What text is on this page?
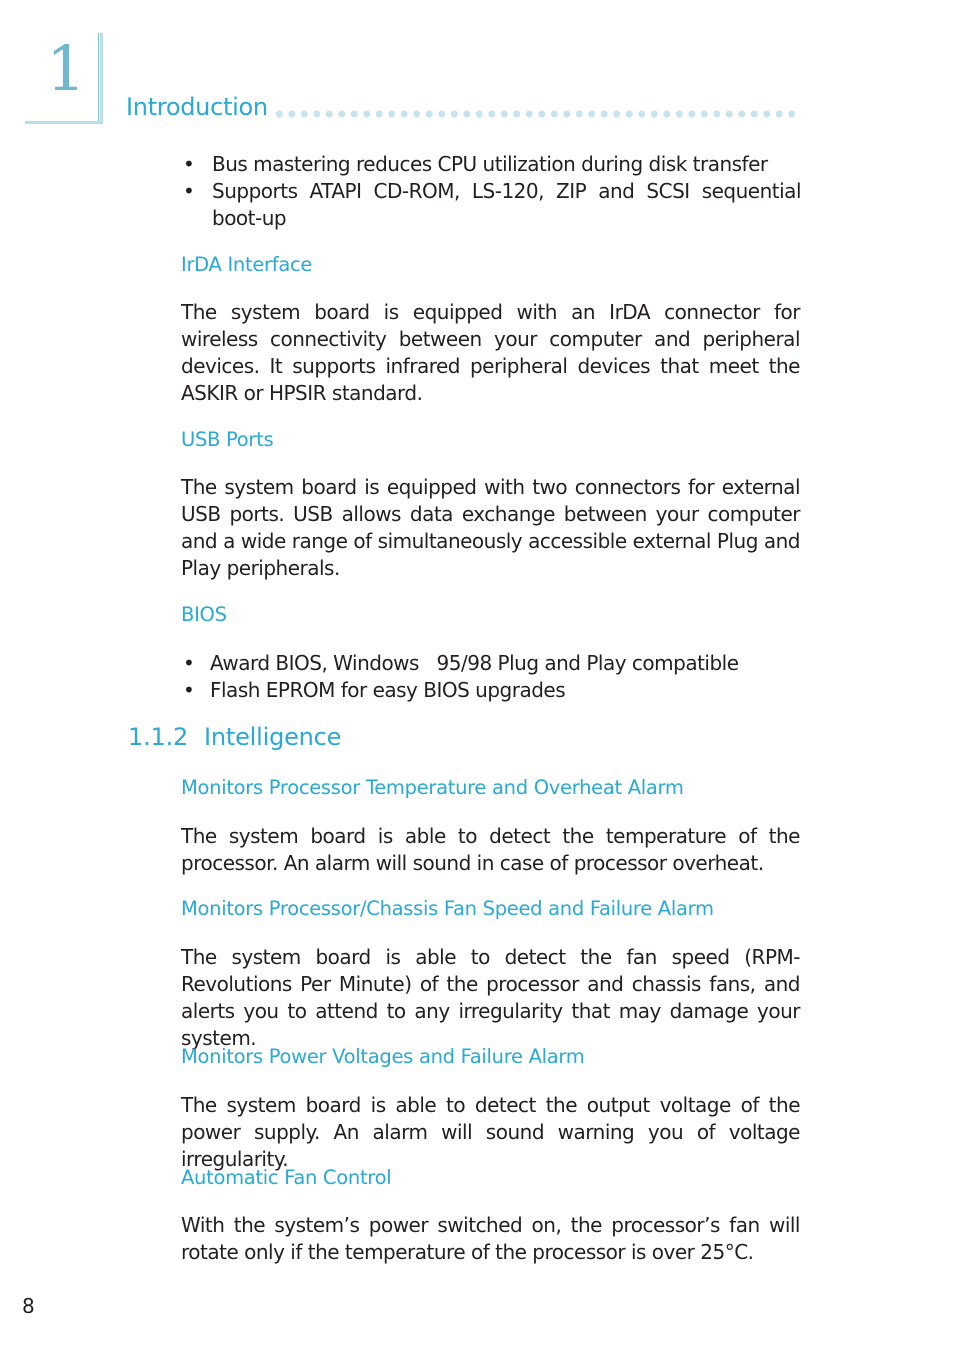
1
Introduction
• Bus mastering reduces CPU utilization during disk transfer
• Supports ATAPI CD-ROM, LS-120, ZIP and SCSI sequential boot-up
IrDA Interface

The system board is equipped with an IrDA connector for wireless connectivity between your computer and peripheral devices. It supports infrared peripheral devices that meet the ASKIR or HPSIR standard.

USB Ports

The system board is equipped with two connectors for external USB ports. USB allows data exchange between your computer and a wide range of simultaneously accessible external Plug and Play peripherals.

BIOS
• Award BIOS, Windows   95/98 Plug and Play compatible
• Flash EPROM for easy BIOS upgrades
1.1.2 Intelligence
Monitors Processor Temperature and Overheat Alarm

The system board is able to detect the temperature of the processor. An alarm will sound in case of processor overheat.

Monitors Processor/Chassis Fan Speed and Failure Alarm

The system board is able to detect the fan speed (RPM-Revolutions Per Minute) of the processor and chassis fans, and alerts you to attend to any irregularity that may damage your system.

Monitors Power Voltages and Failure Alarm

The system board is able to detect the output voltage of the power supply. An alarm will sound warning you of voltage irregularity.

Automatic Fan Control

With the system’s power switched on, the processor’s fan will rotate only if the temperature of the processor is over 25°C.

8
